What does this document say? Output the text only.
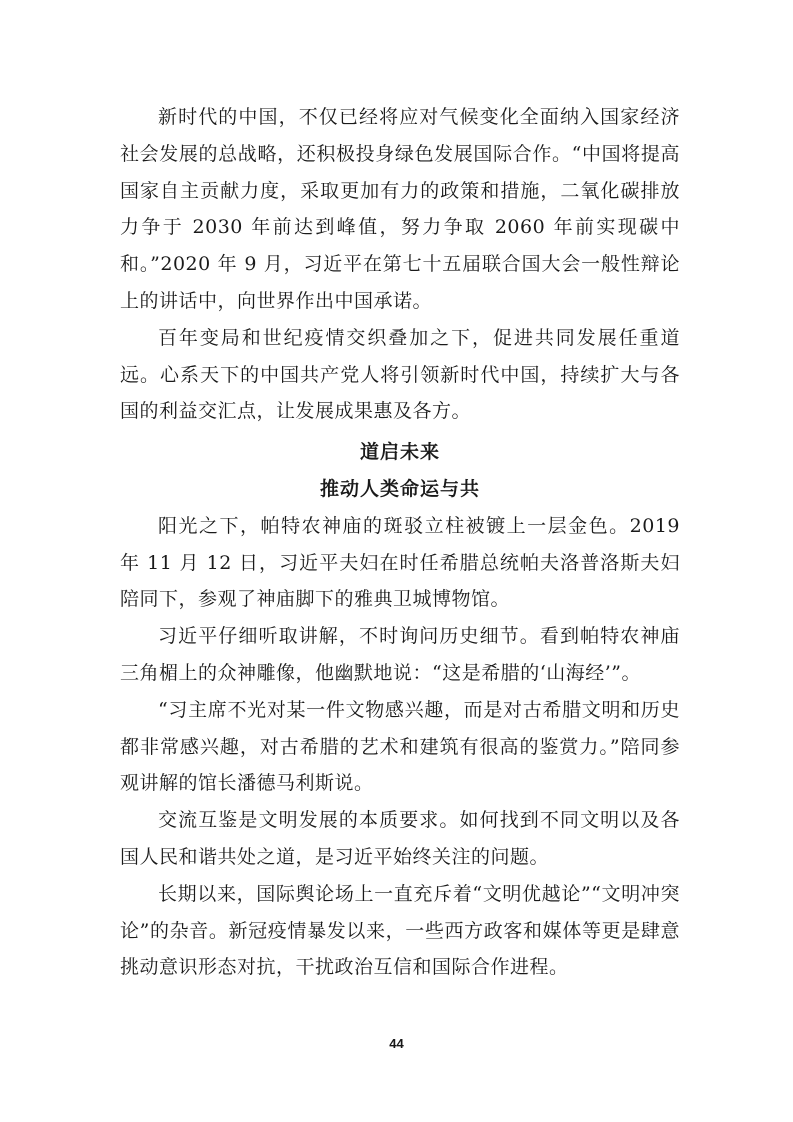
新时代的中国，不仅已经将应对气候变化全面纳入国家经济社会发展的总战略，还积极投身绿色发展国际合作。“中国将提高国家自主贡献力度，采取更加有力的政策和措施，二氧化碳排放力争于 2030 年前达到峰值，努力争取 2060 年前实现碳中和。”2020 年 9 月，习近平在第七十五届联合国大会一般性辩论上的讲话中，向世界作出中国承诺。

百年变局和世纪疫情交织叠加之下，促进共同发展任重道远。心系天下的中国共产党人将引领新时代中国，持续扩大与各国的利益交汇点，让发展成果惠及各方。

道启未来

推动人类命运与共

阳光之下，帕特农神庙的斑驳立柱被镀上一层金色。2019 年 11 月 12 日，习近平夫妇在时任希腊总统帕夫洛普洛斯夫妇陪同下，参观了神庙脚下的雅典卫城博物馆。

习近平仔细听取讲解，不时询问历史细节。看到帕特农神庙三角楣上的众神雕像，他幽默地说：“这是希腊的‘山海经’”。

“习主席不光对某一件文物感兴趣，而是对古希腊文明和历史都非常感兴趣，对古希腊的艺术和建筑有很高的鉴赏力。”陪同参观讲解的馆长潘德马利斯说。

交流互鉴是文明发展的本质要求。如何找到不同文明以及各国人民和谐共处之道，是习近平始终关注的问题。

长期以来，国际舆论场上一直充斥着“文明优越论”“文明冲突论”的杂音。新冠疫情暴发以来，一些西方政客和媒体等更是肆意挑动意识形态对抗，干扰政治互信和国际合作进程。

44
